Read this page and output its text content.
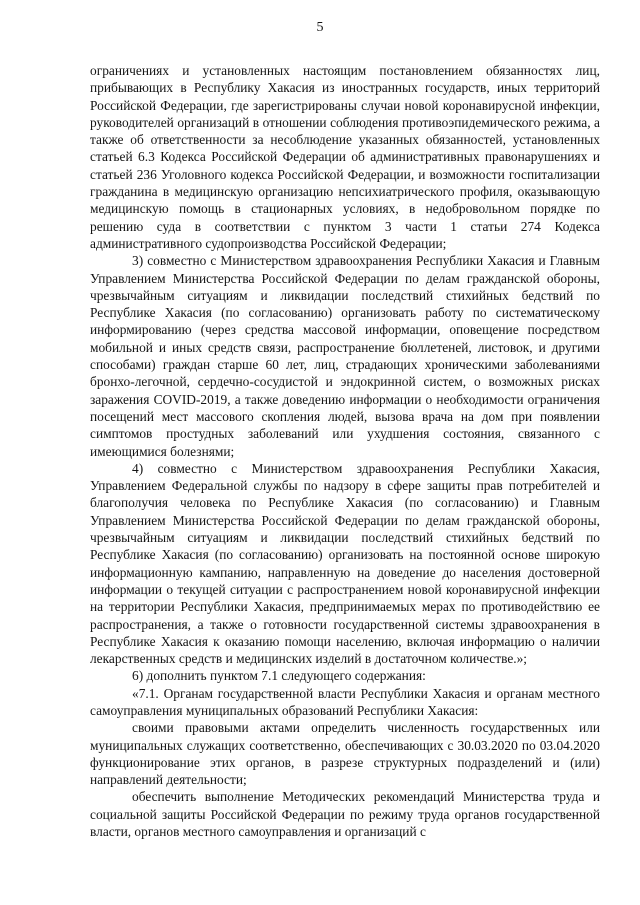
5

ограничениях и установленных настоящим постановлением обязанностях лиц, прибывающих в Республику Хакасия из иностранных государств, иных территорий Российской Федерации, где зарегистрированы случаи новой коронавирусной инфекции, руководителей организаций в отношении соблюдения противоэпидемического режима, а также об ответственности за несоблюдение указанных обязанностей, установленных статьей 6.3 Кодекса Российской Федерации об административных правонарушениях и статьей 236 Уголовного кодекса Российской Федерации, и возможности госпитализации гражданина в медицинскую организацию непсихиатрического профиля, оказывающую медицинскую помощь в стационарных условиях, в недобровольном порядке по решению суда в соответствии с пунктом 3 части 1 статьи 274 Кодекса административного судопроизводства Российской Федерации;

3) совместно с Министерством здравоохранения Республики Хакасия и Главным Управлением Министерства Российской Федерации по делам гражданской обороны, чрезвычайным ситуациям и ликвидации последствий стихийных бедствий по Республике Хакасия (по согласованию) организовать работу по систематическому информированию (через средства массовой информации, оповещение посредством мобильной и иных средств связи, распространение бюллетеней, листовок, и другими способами) граждан старше 60 лет, лиц, страдающих хроническими заболеваниями бронхо-легочной, сердечно-сосудистой и эндокринной систем, о возможных рисках заражения COVID-2019, а также доведению информации о необходимости ограничения посещений мест массового скопления людей, вызова врача на дом при появлении симптомов простудных заболеваний или ухудшения состояния, связанного с имеющимися болезнями;

4) совместно с Министерством здравоохранения Республики Хакасия, Управлением Федеральной службы по надзору в сфере защиты прав потребителей и благополучия человека по Республике Хакасия (по согласованию) и Главным Управлением Министерства Российской Федерации по делам гражданской обороны, чрезвычайным ситуациям и ликвидации последствий стихийных бедствий по Республике Хакасия (по согласованию) организовать на постоянной основе широкую информационную кампанию, направленную на доведение до населения достоверной информации о текущей ситуации с распространением новой коронавирусной инфекции на территории Республики Хакасия, предпринимаемых мерах по противодействию ее распространения, а также о готовности государственной системы здравоохранения в Республике Хакасия к оказанию помощи населению, включая информацию о наличии лекарственных средств и медицинских изделий в достаточном количестве.»;

6) дополнить пунктом 7.1 следующего содержания:

«7.1. Органам государственной власти Республики Хакасия и органам местного самоуправления муниципальных образований Республики Хакасия:

своими правовыми актами определить численность государственных или муниципальных служащих соответственно, обеспечивающих с 30.03.2020 по 03.04.2020 функционирование этих органов, в разрезе структурных подразделений и (или) направлений деятельности;

обеспечить выполнение Методических рекомендаций Министерства труда и социальной защиты Российской Федерации по режиму труда органов государственной власти, органов местного самоуправления и организаций с
